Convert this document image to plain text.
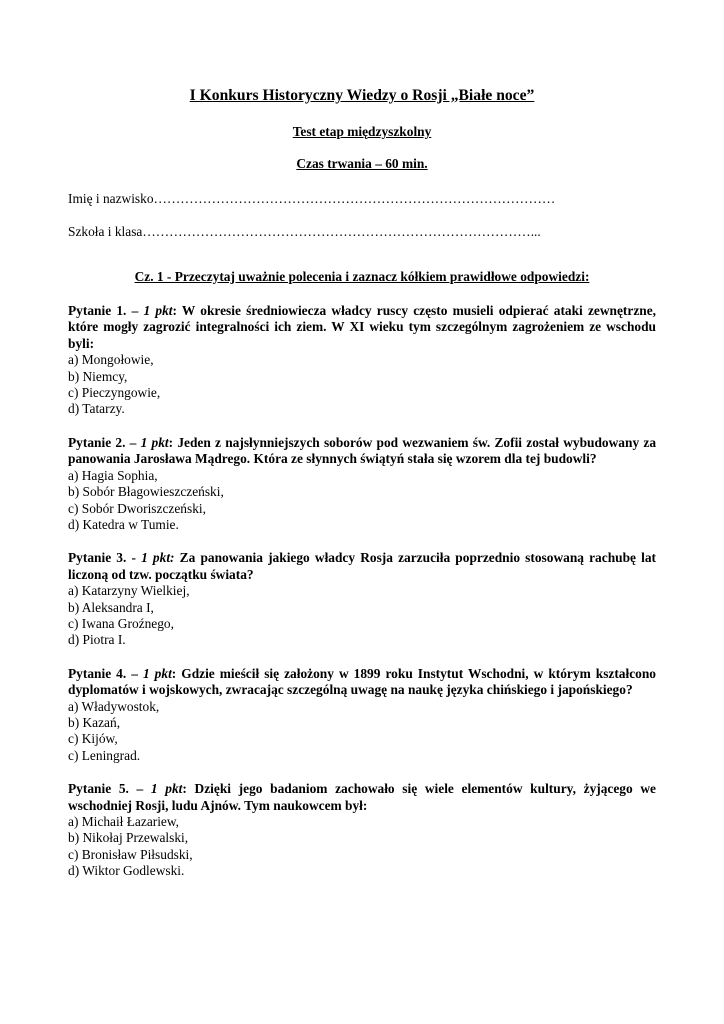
I Konkurs Historyczny Wiedzy o Rosji „Białe noce”

Test etap międzyszkolny

Czas trwania – 60 min.

Imię i nazwisko………………………………………………………………………………

Szkoła i klasa……………………………………………………………………………...

Cz. 1 - Przeczytaj uważnie polecenia i zaznacz kółkiem prawidłowe odpowiedzi:

Pytanie 1. – 1 pkt: W okresie średniowiecza władcy ruscy często musieli odpierać ataki zewnętrzne, które mogły zagrozić integralności ich ziem. W XI wieku tym szczególnym zagrożeniem ze wschodu byli:

a) Mongołowie,
b) Niemcy,
c) Pieczyngowie,
d) Tatarzy.

Pytanie 2. – 1 pkt: Jeden z najsłynniejszych soborów pod wezwaniem św. Zofii został wybudowany za panowania Jarosława Mądrego. Która ze słynnych świątyń stała się wzorem dla tej budowli?

a) Hagia Sophia,
b) Sobór Błagowieszczeński,
c) Sobór Dworiszczeński,
d) Katedra w Tumie.

Pytanie 3. - 1 pkt: Za panowania jakiego władcy Rosja zarzuciła poprzednio stosowaną rachubę lat liczoną od tzw. początku świata?

a) Katarzyny Wielkiej,
b) Aleksandra I,
c) Iwana Groźnego,
d) Piotra I.

Pytanie 4. – 1 pkt: Gdzie mieścił się założony w 1899 roku Instytut Wschodni, w którym kształcono dyplomatów i wojskowych, zwracając szczególną uwagę na naukę języka chińskiego i japońskiego?

a) Władywostok,
b) Kazań,
c) Kijów,
c) Leningrad.

Pytanie 5. – 1 pkt: Dzięki jego badaniom zachowało się wiele elementów kultury, żyjącego we wschodniej Rosji, ludu Ajnów. Tym naukowcem był:

a) Michaił Łazariew,
b) Nikołaj Przewalski,
c) Bronisław Piłsudski,
d) Wiktor Godlewski.
